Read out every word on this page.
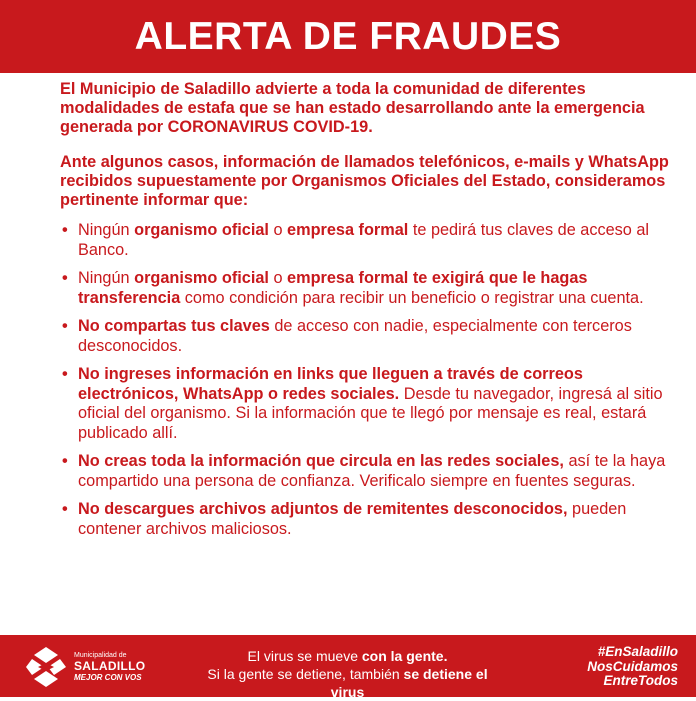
ALERTA DE FRAUDES

El Municipio de Saladillo advierte a toda la comunidad de diferentes modalidades de estafa que se han estado desarrollando ante la emergencia generada por CORONAVIRUS COVID-19.

Ante algunos casos, información de llamados telefónicos, e-mails y WhatsApp recibidos supuestamente por Organismos Oficiales del Estado, consideramos pertinente informar que:

• Ningún organismo oficial o empresa formal te pedirá tus claves de acceso al Banco.
• Ningún organismo oficial o empresa formal te exigirá que le hagas transferencia como condición para recibir un beneficio o registrar una cuenta.
• No compartas tus claves de acceso con nadie, especialmente con terceros desconocidos.
• No ingreses información en links que lleguen a través de correos electrónicos, WhatsApp o redes sociales. Desde tu navegador, ingresá al sitio oficial del organismo. Si la información que te llegó por mensaje es real, estará publicado allí.
• No creas toda la información que circula en las redes sociales, así te la haya compartido una persona de confianza. Verificalo siempre en fuentes seguras.
• No descargues archivos adjuntos de remitentes desconocidos, pueden contener archivos maliciosos.
Municipalidad de
SALADILLO
MEJOR CON VOS
El virus se mueve con la gente.
Si la gente se detiene, también se detiene el virus
#EnSaladillo
NosCuidamos
EntreTodos
